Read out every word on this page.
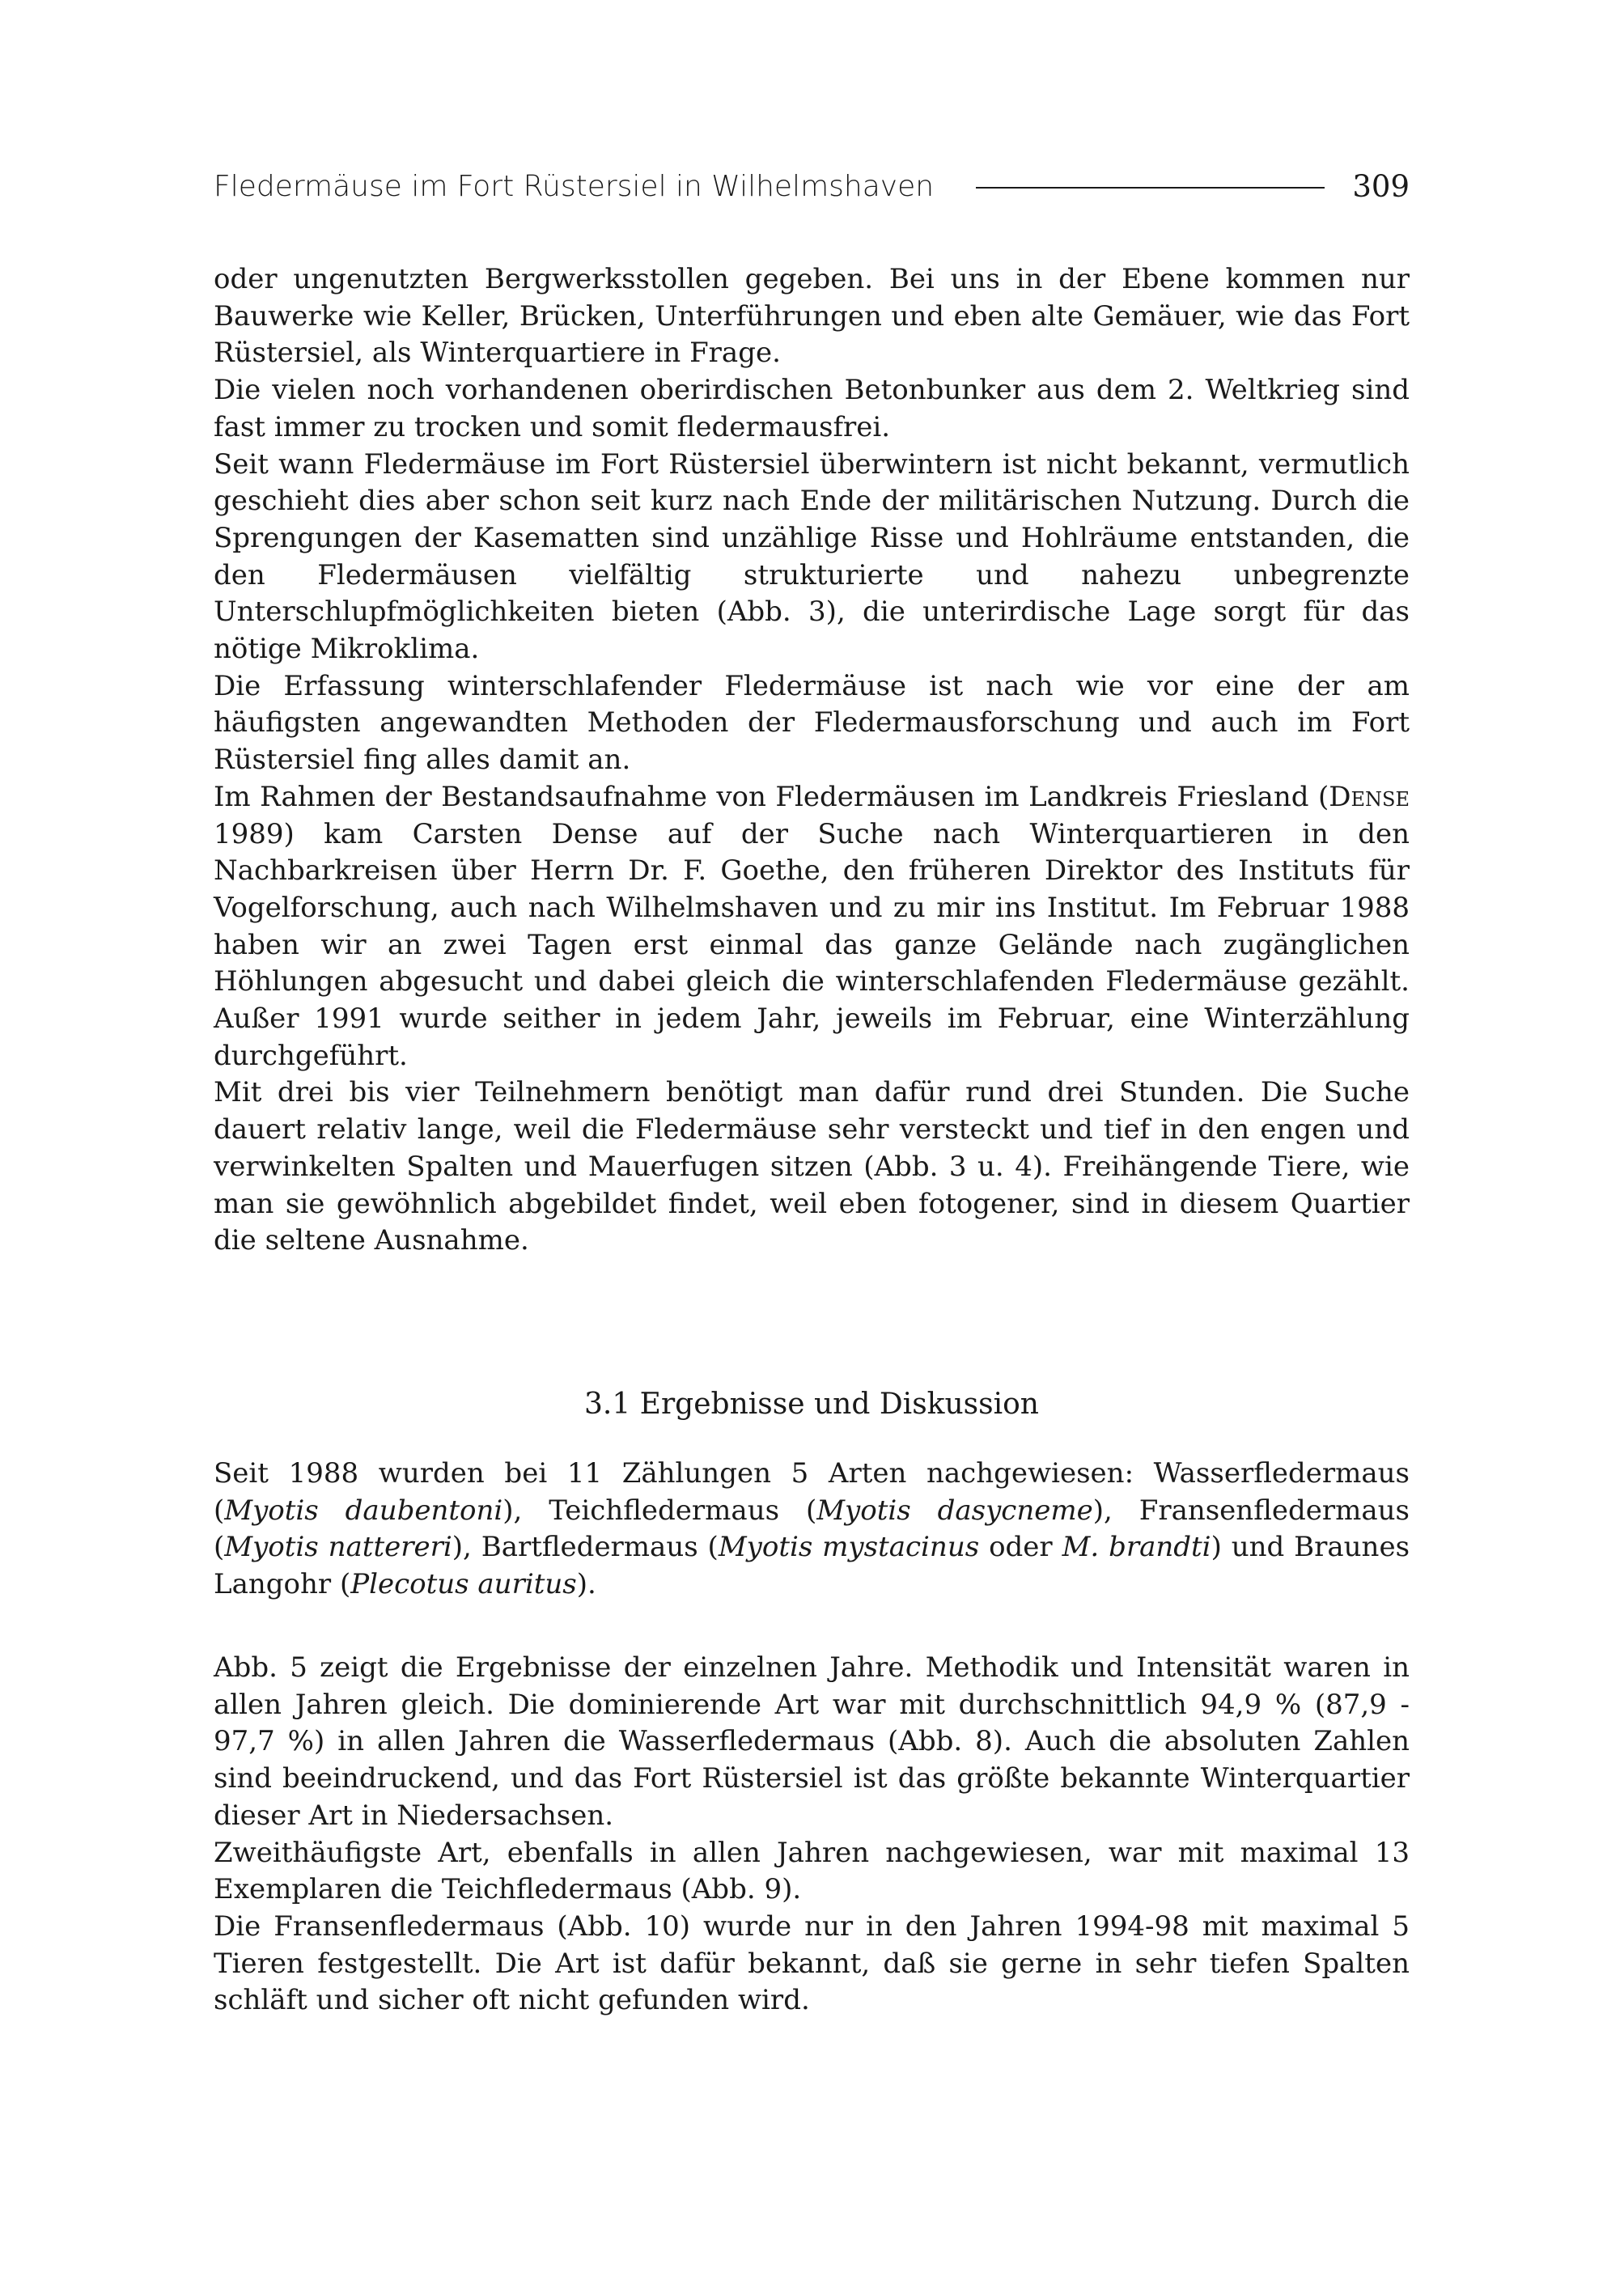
Fledermäuse im Fort Rüstersiel in Wilhelmshaven	309

oder ungenutzten Bergwerksstollen gegeben. Bei uns in der Ebene kommen nur Bauwerke wie Keller, Brücken, Unterführungen und eben alte Gemäuer, wie das Fort Rüstersiel, als Winterquartiere in Frage.

Die vielen noch vorhandenen oberirdischen Betonbunker aus dem 2. Weltkrieg sind fast immer zu trocken und somit fledermausfrei.

Seit wann Fledermäuse im Fort Rüstersiel überwintern ist nicht bekannt, vermutlich geschieht dies aber schon seit kurz nach Ende der militärischen Nutzung. Durch die Sprengungen der Kasematten sind unzählige Risse und Hohlräume entstanden, die den Fledermäusen vielfältig strukturierte und nahezu unbegrenzte Unterschlupfmöglichkeiten bieten (Abb. 3), die unterirdische Lage sorgt für das nötige Mikroklima.

Die Erfassung winterschlafender Fledermäuse ist nach wie vor eine der am häufigsten angewandten Methoden der Fledermausforschung und auch im Fort Rüstersiel fing alles damit an.

Im Rahmen der Bestandsaufnahme von Fledermäusen im Landkreis Friesland (Dense 1989) kam Carsten Dense auf der Suche nach Winterquartieren in den Nachbarkreisen über Herrn Dr. F. Goethe, den früheren Direktor des Instituts für Vogelforschung, auch nach Wilhelmshaven und zu mir ins Institut. Im Februar 1988 haben wir an zwei Tagen erst einmal das ganze Gelände nach zugänglichen Höhlungen abgesucht und dabei gleich die winterschlafenden Fledermäuse gezählt. Außer 1991 wurde seither in jedem Jahr, jeweils im Februar, eine Winterzählung durchgeführt.

Mit drei bis vier Teilnehmern benötigt man dafür rund drei Stunden. Die Suche dauert relativ lange, weil die Fledermäuse sehr versteckt und tief in den engen und verwinkelten Spalten und Mauerfugen sitzen (Abb. 3 u. 4). Freihängende Tiere, wie man sie gewöhnlich abgebildet findet, weil eben fotogener, sind in diesem Quartier die seltene Ausnahme.

3.1 Ergebnisse und Diskussion

Seit 1988 wurden bei 11 Zählungen 5 Arten nachgewiesen: Wasserfledermaus (Myotis daubentoni), Teichfledermaus (Myotis dasycneme), Fransenfledermaus (Myotis nattereri), Bartfledermaus (Myotis mystacinus oder M. brandti) und Braunes Langohr (Plecotus auritus).

Abb. 5 zeigt die Ergebnisse der einzelnen Jahre. Methodik und Intensität waren in allen Jahren gleich. Die dominierende Art war mit durchschnittlich 94,9 % (87,9 - 97,7 %) in allen Jahren die Wasserfledermaus (Abb. 8). Auch die absoluten Zahlen sind beeindruckend, und das Fort Rüstersiel ist das größte bekannte Winterquartier dieser Art in Niedersachsen.

Zweithäufigste Art, ebenfalls in allen Jahren nachgewiesen, war mit maximal 13 Exemplaren die Teichfledermaus (Abb. 9).

Die Fransenfledermaus (Abb. 10) wurde nur in den Jahren 1994-98 mit maximal 5 Tieren festgestellt. Die Art ist dafür bekannt, daß sie gerne in sehr tiefen Spalten schläft und sicher oft nicht gefunden wird.
